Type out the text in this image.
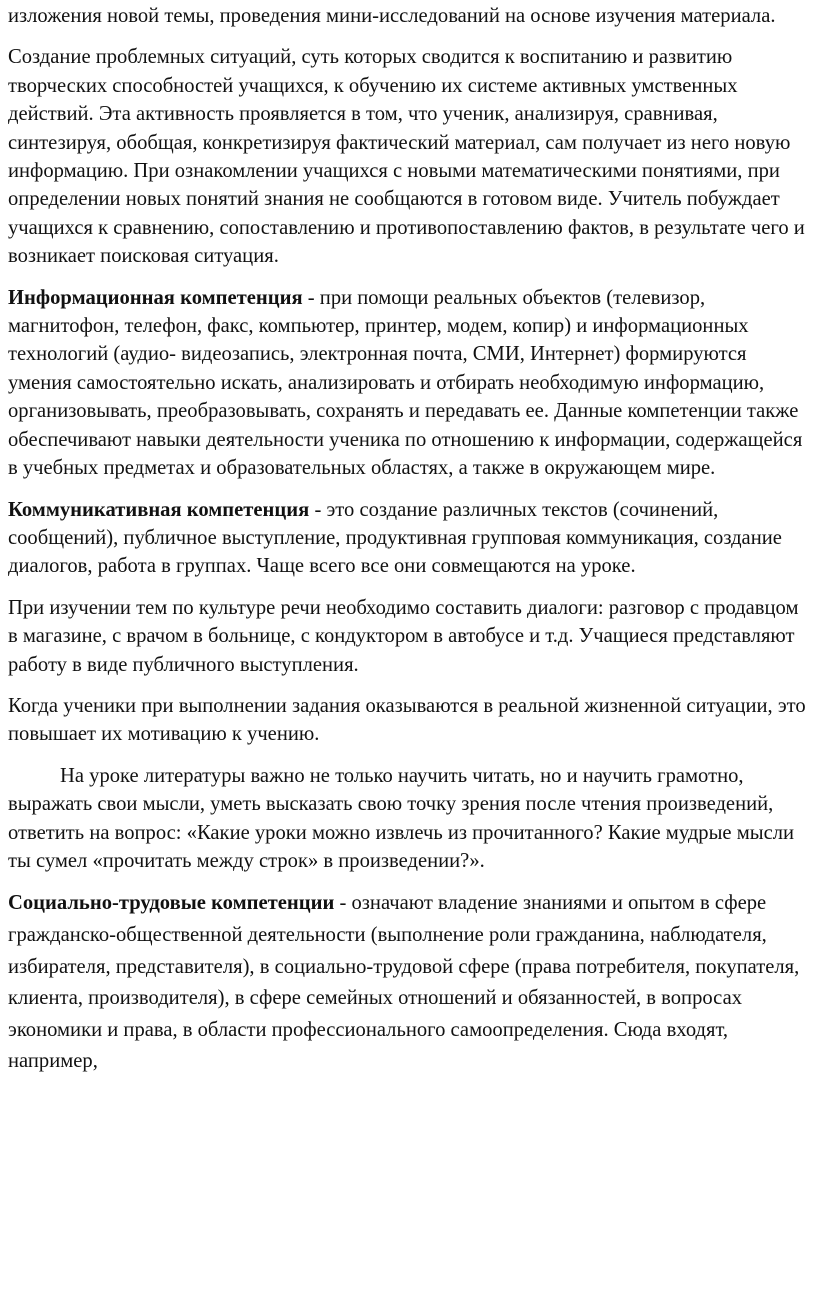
изложения новой темы, проведения мини-исследований на основе изучения материала.

Создание проблемных ситуаций, суть которых сводится к воспитанию и развитию творческих способностей учащихся, к обучению их системе активных умственных действий. Эта активность проявляется в том, что ученик, анализируя, сравнивая, синтезируя, обобщая, конкретизируя фактический материал, сам получает из него новую информацию. При ознакомлении учащихся с новыми математическими понятиями, при определении новых понятий знания не сообщаются в готовом виде. Учитель побуждает учащихся к сравнению, сопоставлению и противопоставлению фактов, в результате чего и возникает поисковая ситуация.

Информационная компетенция - при помощи реальных объектов (телевизор, магнитофон, телефон, факс, компьютер, принтер, модем, копир) и информационных технологий (аудио- видеозапись, электронная почта, СМИ, Интернет) формируются умения самостоятельно искать, анализировать и отбирать необходимую информацию, организовывать, преобразовывать, сохранять и передавать ее. Данные компетенции также обеспечивают навыки деятельности ученика по отношению к информации, содержащейся в учебных предметах и образовательных областях, а также в окружающем мире.

Коммуникативная компетенция - это создание различных текстов (сочинений, сообщений), публичное выступление, продуктивная групповая коммуникация, создание диалогов, работа в группах. Чаще всего все они совмещаются на уроке.

При изучении тем по культуре речи необходимо составить диалоги: разговор с продавцом в магазине, с врачом в больнице, с кондуктором в автобусе и т.д. Учащиеся представляют работу в виде публичного выступления.

Когда ученики при выполнении задания оказываются в реальной жизненной ситуации, это повышает их мотивацию к учению.

На уроке литературы важно не только научить читать, но и научить грамотно, выражать свои мысли, уметь высказать свою точку зрения после чтения произведений, ответить на вопрос: «Какие уроки можно извлечь из прочитанного? Какие мудрые мысли ты сумел «прочитать между строк» в произведении?».

Социально-трудовые компетенции - означают владение знаниями и опытом в сфере гражданско-общественной деятельности (выполнение роли гражданина, наблюдателя, избирателя, представителя), в социально-трудовой сфере (права потребителя, покупателя, клиента, производителя), в сфере семейных отношений и обязанностей, в вопросах экономики и права, в области профессионального самоопределения. Сюда входят, например,
